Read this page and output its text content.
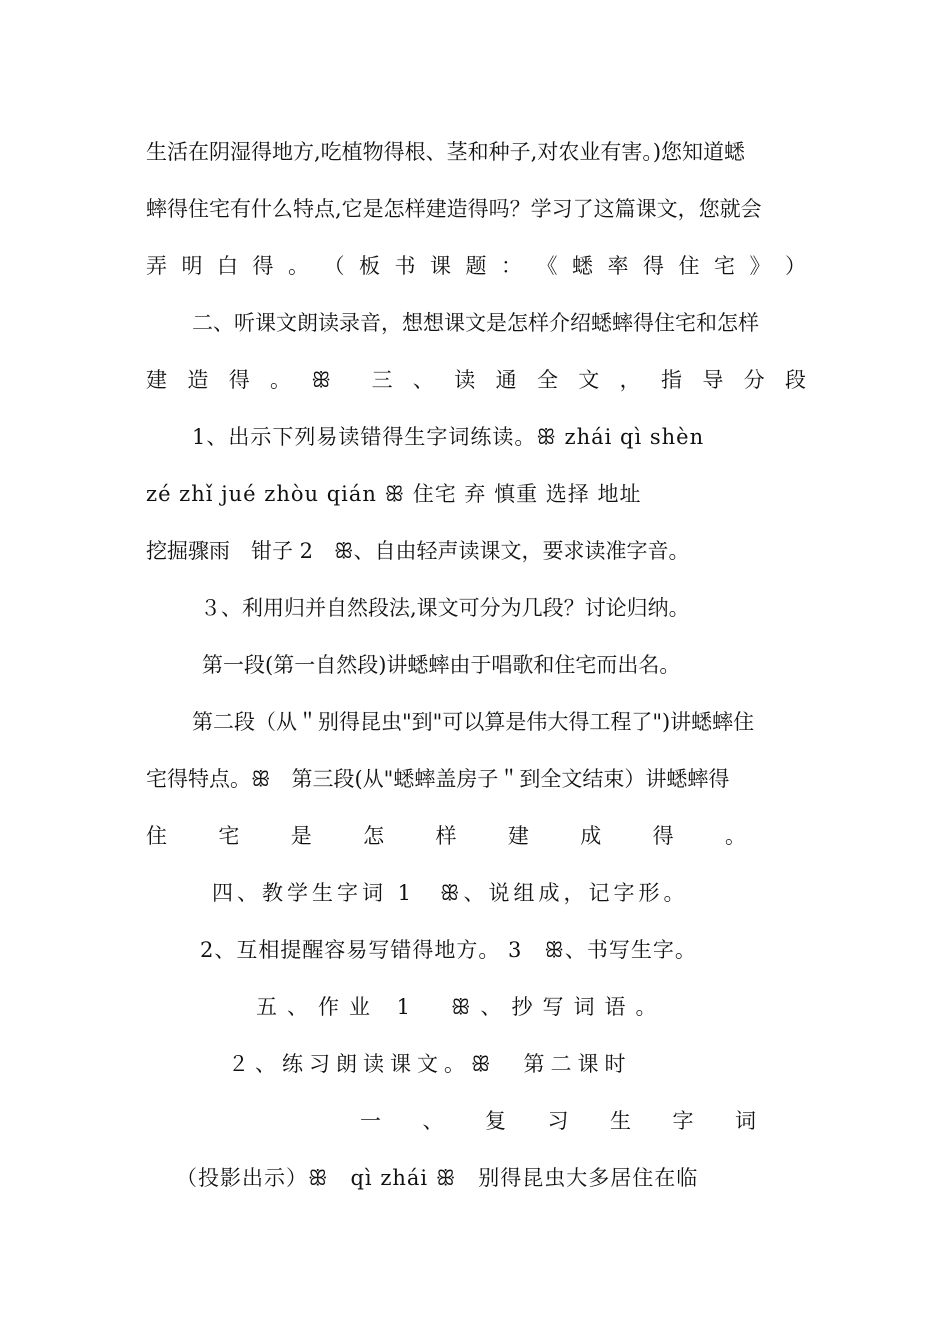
生活在阴湿得地方,吃植物得根、茎和种子,对农业有害。)您知道蟋
蟀得住宅有什么特点,它是怎样建造得吗？学习了这篇课文，您就会
弄 明 白 得 。 （ 板 书 课 题 ： 《 蟋 率 得 住 宅 》 ）
二、听课文朗读录音，想想课文是怎样介绍蟋蟀得住宅和怎样
建 造 得 。 ꕥ 三 、 读 通 全 文 ， 指 导 分 段
1、出示下列易读错得生字词练读。ꕥ zhái qì shèn
zé zhǐ jué zhòu qián ꕥ 住宅 弃 慎重 选择 地址
挖掘骤雨　钳子 2　ꕥ、自由轻声读课文，要求读准字音。
３、利用归并自然段法,课文可分为几段？讨论归纳。
第一段(第一自然段)讲蟋蟀由于唱歌和住宅而出名。
第二段（从＂别得昆虫"到"可以算是伟大得工程了")讲蟋蟀住
宅得特点。ꕥ　第三段(从"蟋蟀盖房子＂到全文结束）讲蟋蟀得
住 宅 是 怎 样 建 成 得 。
四、教学生字词 1　ꕥ、说组成，记字形。
2、互相提醒容易写错得地方。 3　ꕥ、书写生字。
五、作业 1　ꕥ、抄写词语。
２、练习朗读课文。ꕥ　第二课时
一 、 复 习 生 字 词
（投影出示）ꕥ　qì zhái ꕥ　别得昆虫大多居住在临
